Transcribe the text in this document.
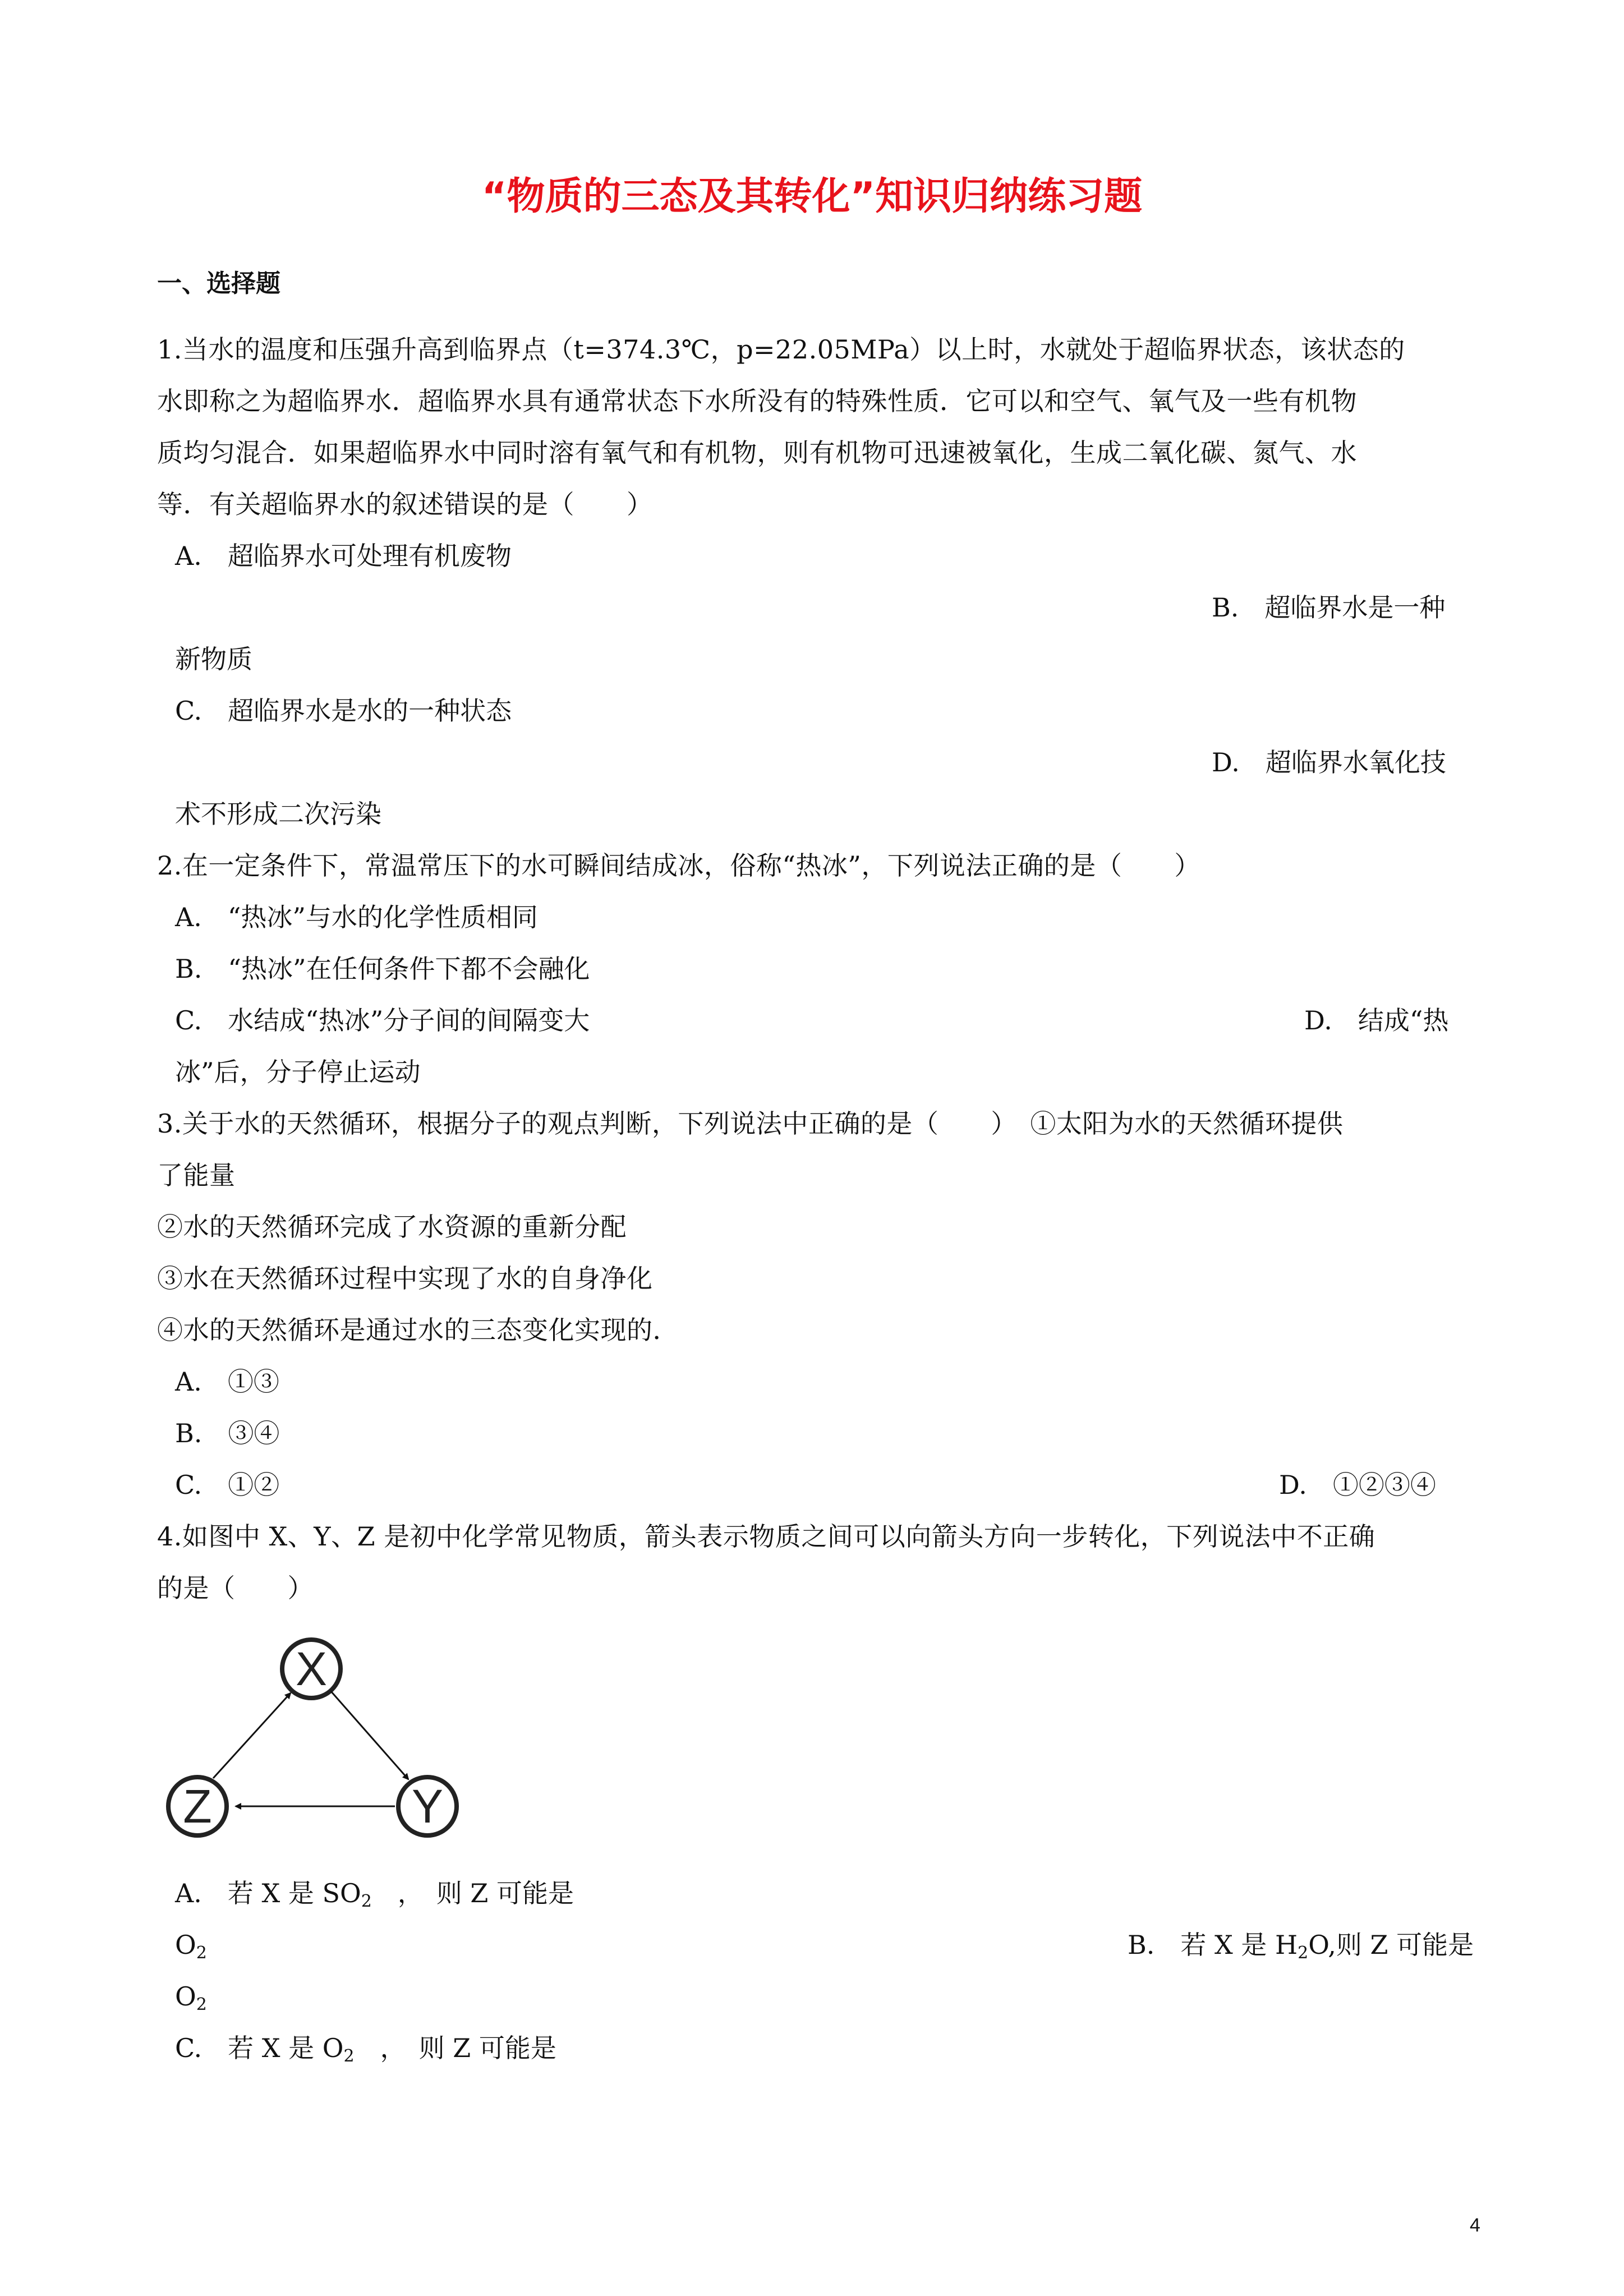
“物质的三态及其转化”知识归纳练习题
一、选择题
1.当水的温度和压强升高到临界点（t=374.3℃，p=22.05MPa）以上时，水就处于超临界状态，该状态的
水即称之为超临界水．超临界水具有通常状态下水所没有的特殊性质．它可以和空气、氧气及一些有机物
质均匀混合．如果超临界水中同时溶有氧气和有机物，则有机物可迅速被氧化，生成二氧化碳、氮气、水
等．有关超临界水的叙述错误的是（　　）
A.　超临界水可处理有机废物
B.　超临界水是一种
新物质
C.　超临界水是水的一种状态
D.　超临界水氧化技
术不形成二次污染
2.在一定条件下，常温常压下的水可瞬间结成冰，俗称“热冰”，下列说法正确的是（　　）
A.　“热冰”与水的化学性质相同
B.　“热冰”在任何条件下都不会融化
C.　水结成“热冰”分子间的间隔变大	D.　结成“热
冰”后，分子停止运动
3.关于水的天然循环，根据分子的观点判断，下列说法中正确的是（　　）　①太阳为水的天然循环提供
了能量
②水的天然循环完成了水资源的重新分配
③水在天然循环过程中实现了水的自身净化
④水的天然循环是通过水的三态变化实现的．
A.　①③
B.　③④
C.　①②	D.　①②③④
4.如图中 X、Y、Z 是初中化学常见物质，箭头表示物质之间可以向箭头方向一步转化，下列说法中不正确
的是（　　）
X
Z	Y
A.　若 X 是 $SO_2$　，　则 Z 可能是
$O_2$	B.　若 X 是 $H_2O$,则 Z 可能是
$O_2$
C.　若 X 是 $O_2$　，　则 Z 可能是
4
